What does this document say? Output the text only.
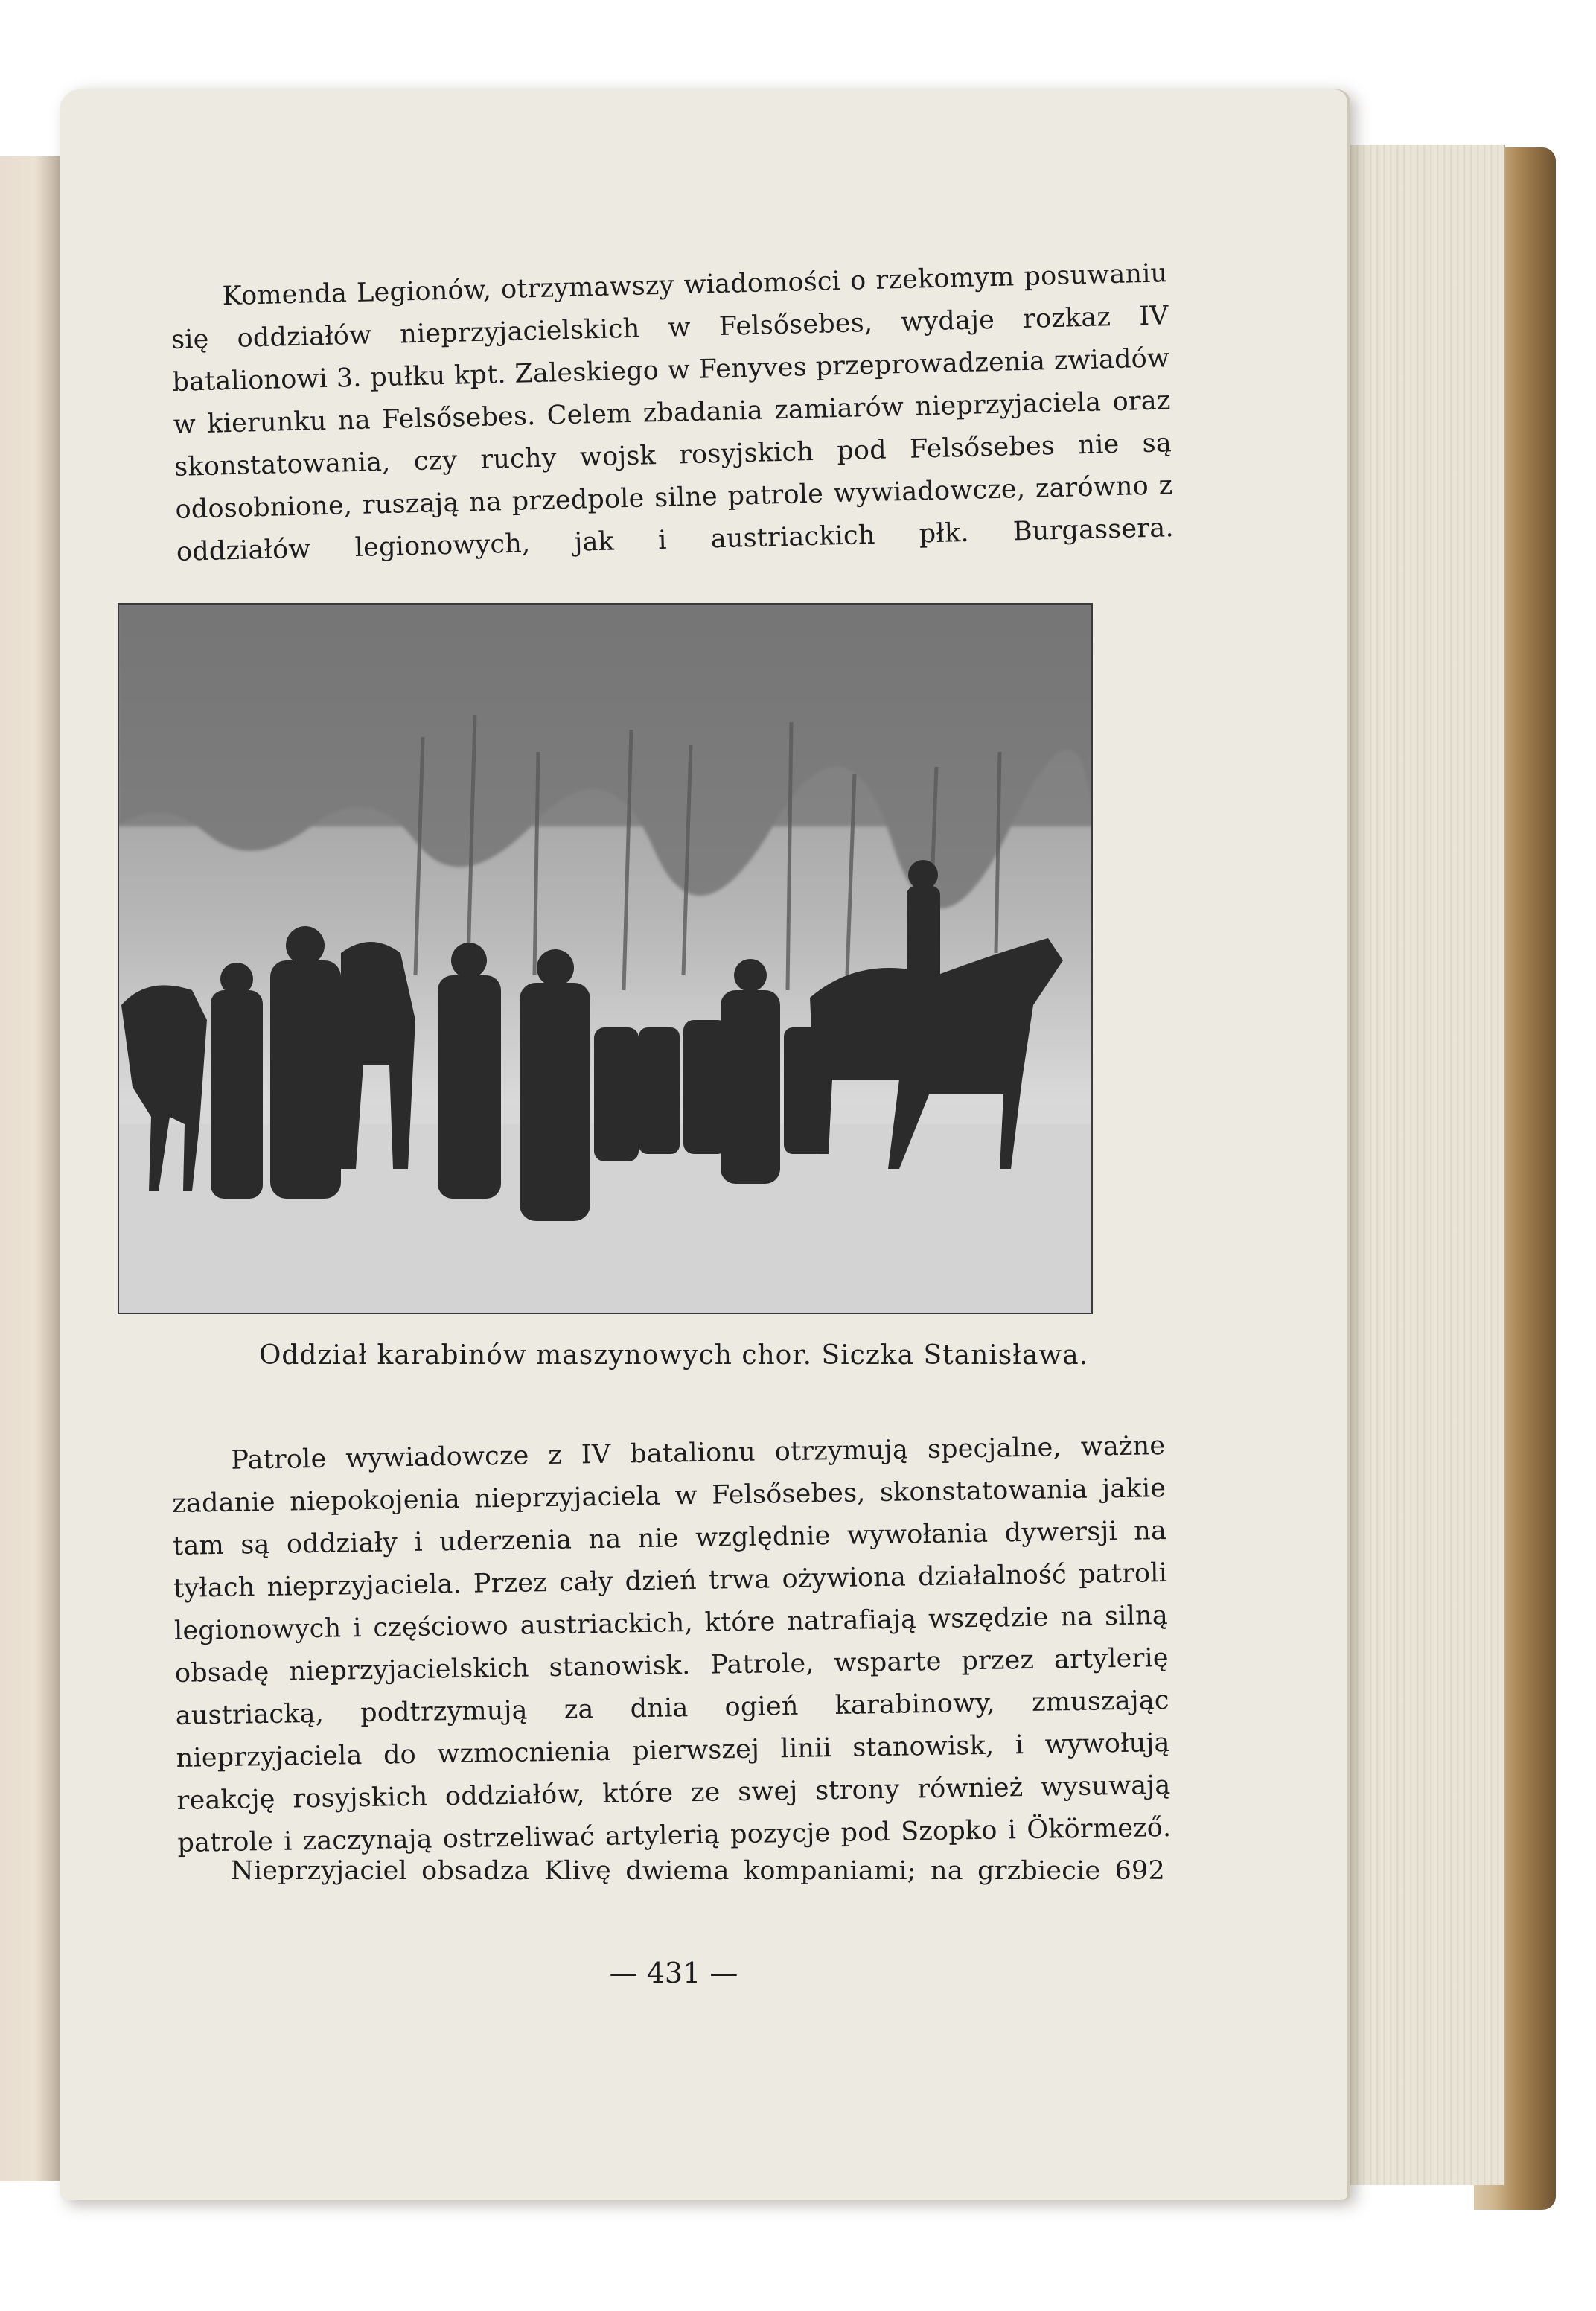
Komenda Legionów, otrzymawszy wiadomości o rzekomym posuwaniu się oddziałów nieprzyjacielskich w Felsősebes, wydaje rozkaz IV batalionowi 3. pułku kpt. Zaleskiego w Fenyves przeprowadzenia zwiadów w kierunku na Felsősebes. Celem zbadania zamiarów nieprzyjaciela oraz skonstatowania, czy ruchy wojsk rosyjskich pod Felsősebes nie są odosobnione, ruszają na przedpole silne patrole wywiadowcze, zarówno z oddziałów legionowych, jak i austriackich płk. Burgassera.

Oddział karabinów maszynowych chor. Siczka Stanisława.

Patrole wywiadowcze z IV batalionu otrzymują specjalne, ważne zadanie niepokojenia nieprzyjaciela w Felsősebes, skonstatowania jakie tam są oddziały i uderzenia na nie względnie wywołania dywersji na tyłach nieprzyjaciela. Przez cały dzień trwa ożywiona działalność patroli legionowych i częściowo austriackich, które natrafiają wszędzie na silną obsadę nieprzyjacielskich stanowisk. Patrole, wsparte przez artylerię austriacką, podtrzymują za dnia ogień karabinowy, zmuszając nieprzyjaciela do wzmocnienia pierwszej linii stanowisk, i wywołują reakcję rosyjskich oddziałów, które ze swej strony również wysuwają patrole i zaczynają ostrzeliwać artylerią pozycje pod Szopko i Ökörmező.

Nieprzyjaciel obsadza Klivę dwiema kompaniami; na grzbiecie 692

— 431 —
